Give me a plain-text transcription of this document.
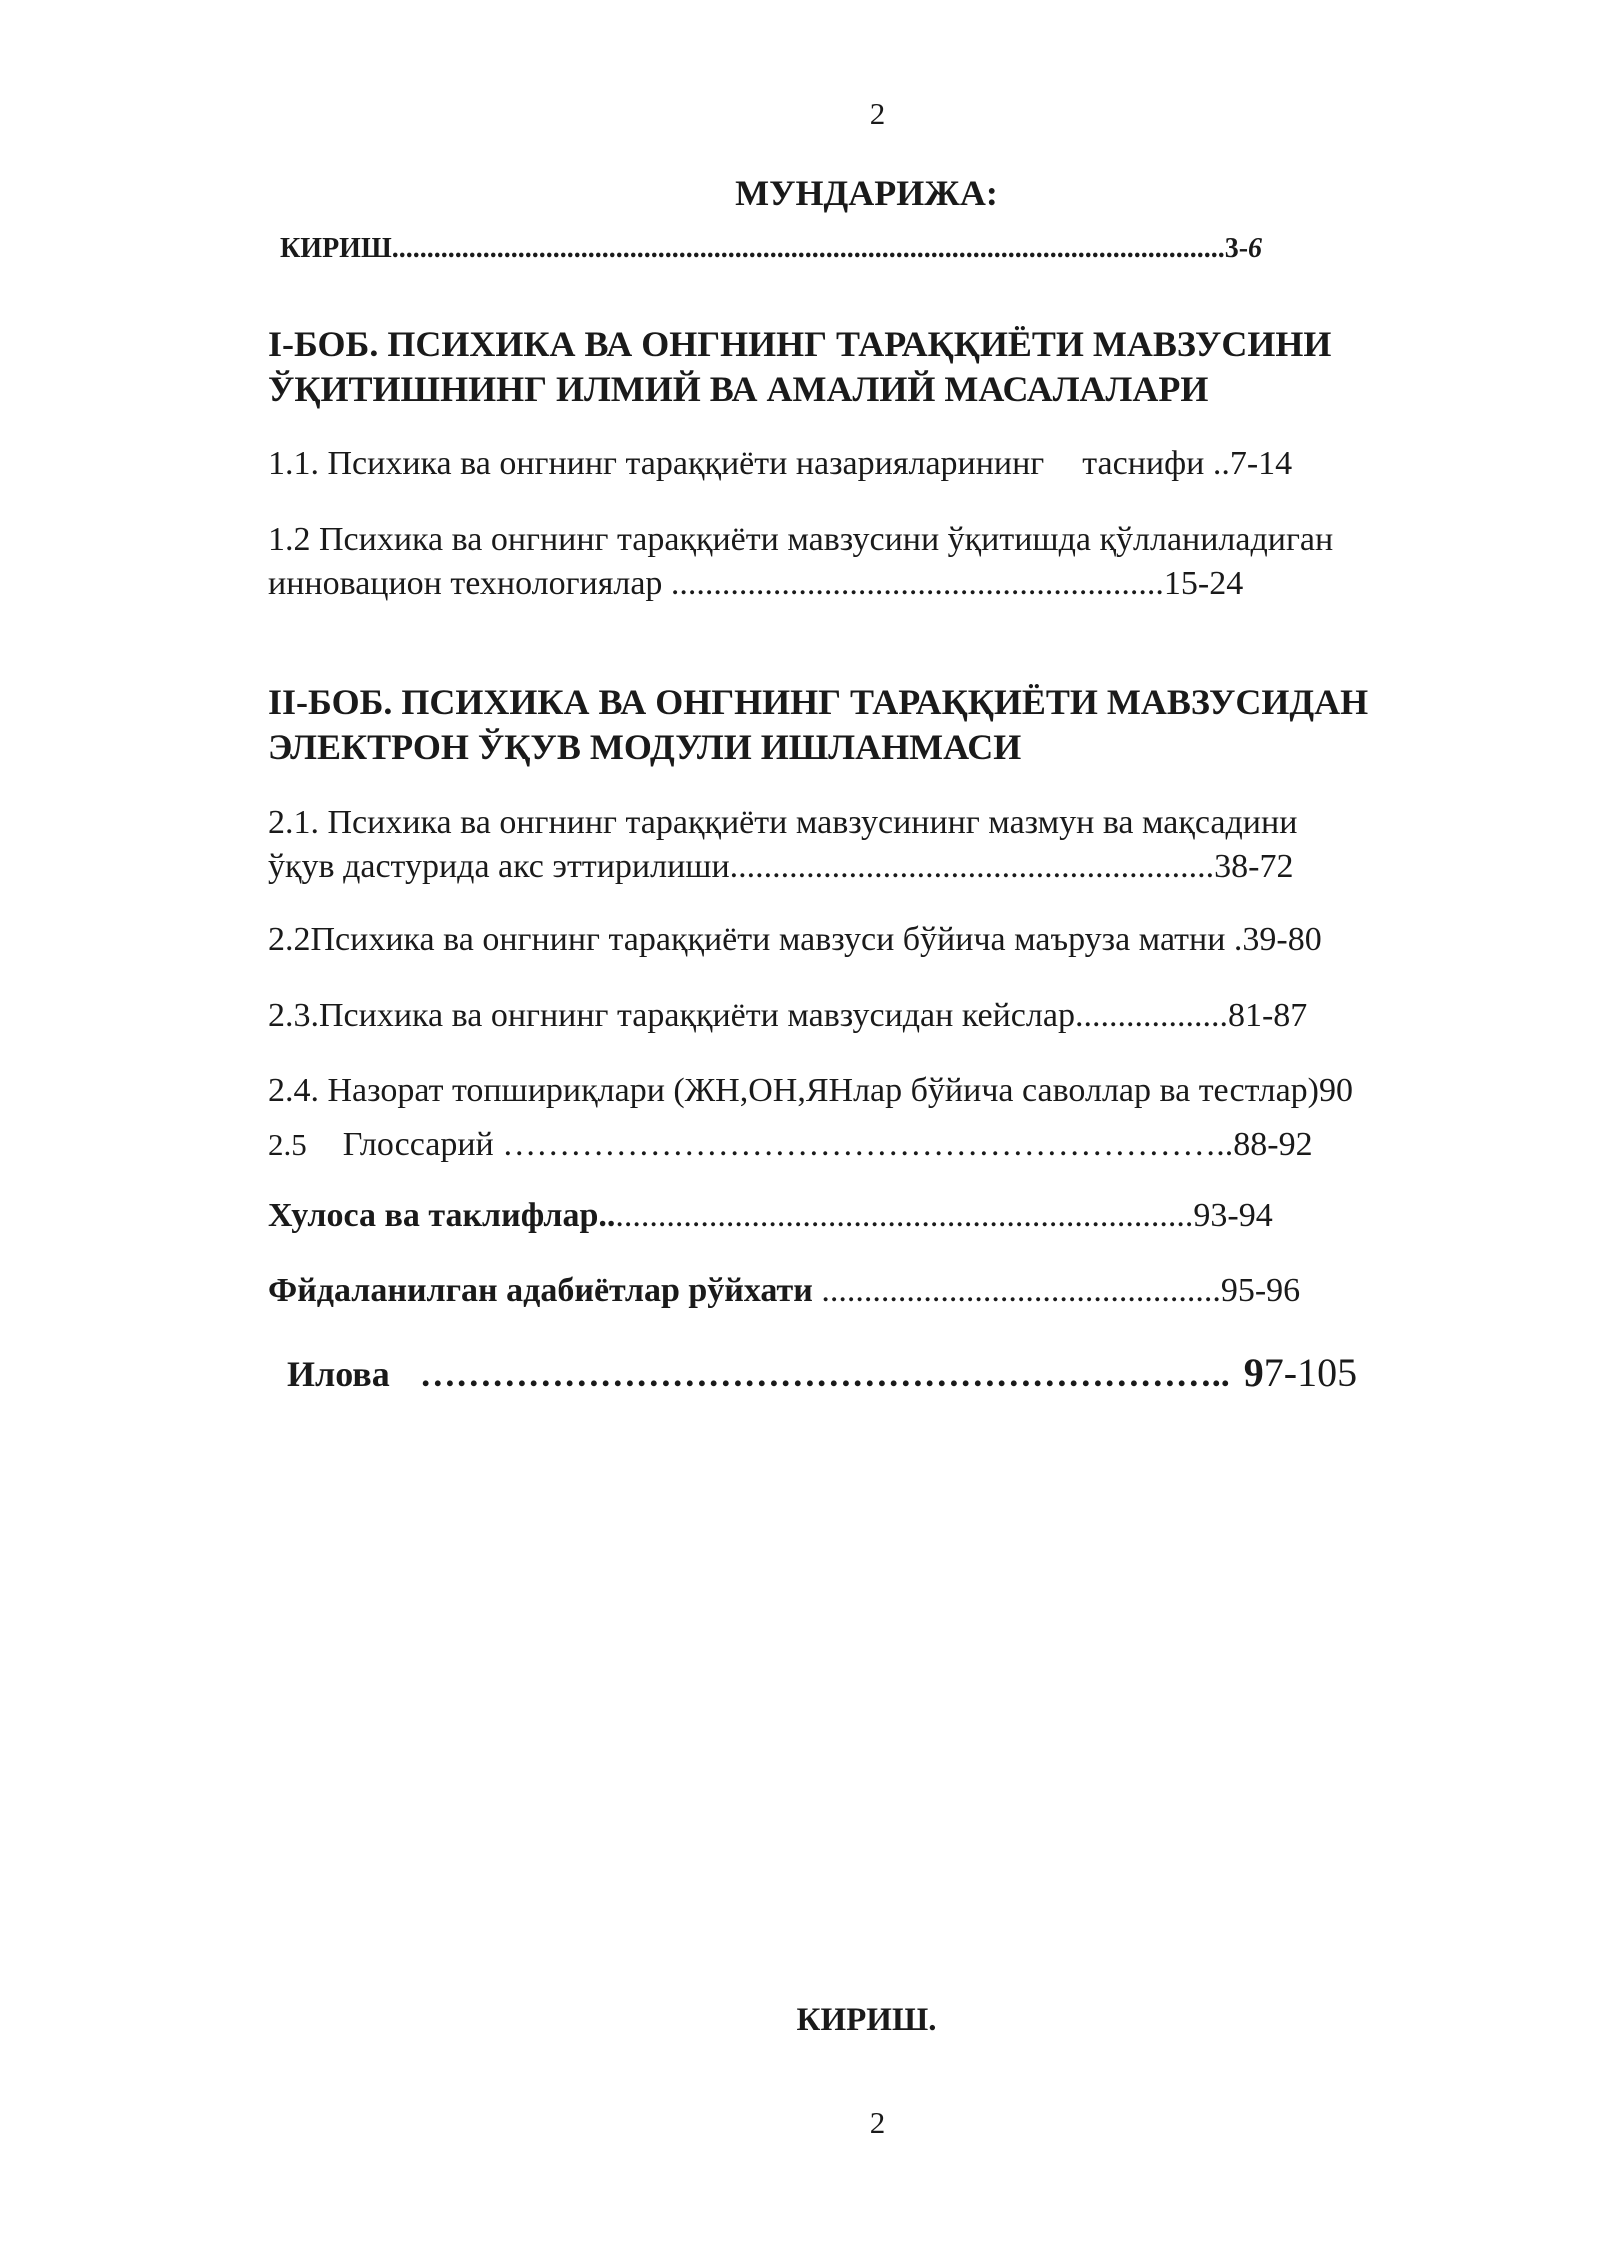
2
МУНДАРИЖА:
КИРИШ.......................................................................................................................3-6
I-БОБ. ПСИХИКА ВА ОНГНИНГ ТАРАҚҚИЁТИ МАВЗУСИНИ
ЎҚИТИШНИНГ ИЛМИЙ ВА АМАЛИЙ МАСАЛАЛАРИ
1.1. Психика ва онгнинг тараққиёти назарияларининг таснифи ..7-14
1.2 Психика ва онгнинг тараққиёти мавзусини ўқитишда қўлланиладиган
инновацион технологиялар ..........................................................15-24
II-БОБ. ПСИХИКА ВА ОНГНИНГ ТАРАҚҚИЁТИ МАВЗУСИДАН
ЭЛЕКТРОН ЎҚУВ МОДУЛИ ИШЛАНМАСИ
2.1. Психика ва онгнинг тараққиёти мавзусининг мазмун ва мақсадини
ўқув дастурида акс эттирилиши.........................................................38-72
2.2Психика ва онгнинг тараққиёти мавзуси бўйича маъруза матни .39-80
2.3.Психика ва онгнинг тараққиёти мавзусидан кейслар..................81-87
2.4. Назорат топшириқлари (ЖН,ОН,ЯНлар бўйича саволлар ва тестлар)90
2.5 Глоссарий ………………………………………………………..88-92
Хулоса ва таклифлар......................................................................93-94
Фйдаланилган адабиётлар рўйхати ...............................................95-96
Илова ………………………………………………………….. 97-105
КИРИШ.
2
